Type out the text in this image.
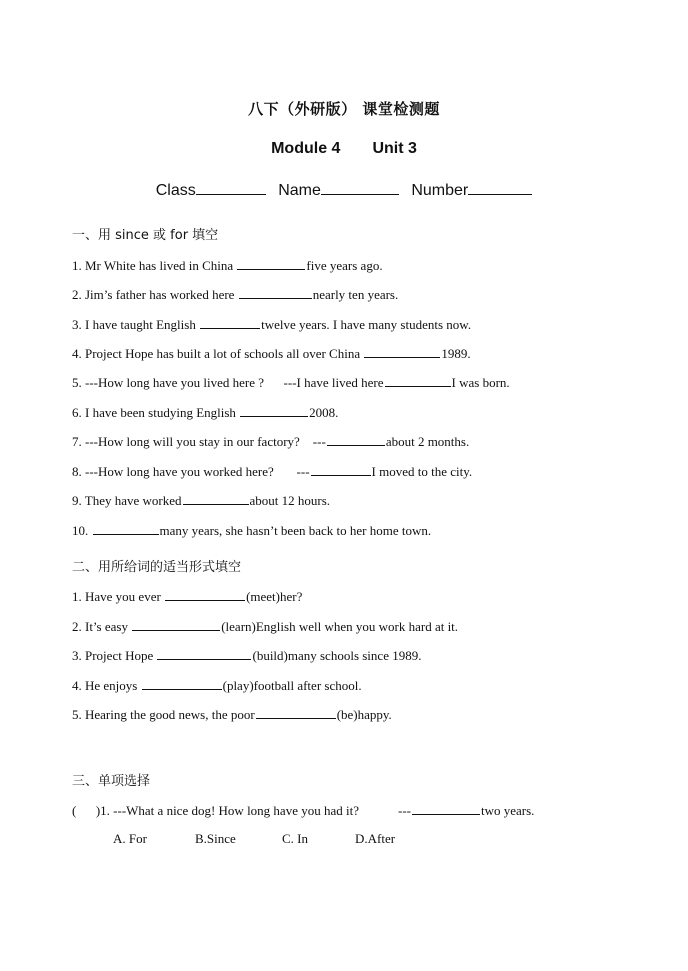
八下（外研版） 课堂检测题
Module 4 Unit 3
Class	Name	Number
一、用 since 或 for 填空
1. Mr White has lived in China	five years ago.
2. Jim’s father has worked here	nearly ten years.
3. I have taught English	twelve years. I have many students now.
4. Project Hope has built a lot of schools all over China	1989.
5. ---How long have you lived here ?      ---I have lived here	I was born.
6. I have been studying English	2008.
7. ---How long will you stay in our factory?    ---	about 2 months.
8. ---How long have you worked here?       ---	I moved to the city.
9. They have worked	about 12 hours.
10.	many years, she hasn’t been back to her home town.
二、用所给词的适当形式填空
1. Have you ever	(meet)her?
2. It’s easy	(learn)English well when you work hard at it.
3. Project Hope	(build)many schools since 1989.
4. He enjoys	(play)football after school.
5. Hearing the good news, the poor	(be)happy.
三、单项选择
(      )1. ---What a nice dog! How long have you had it?            ---	two years.
A. For	B.Since	C. In	D.After
